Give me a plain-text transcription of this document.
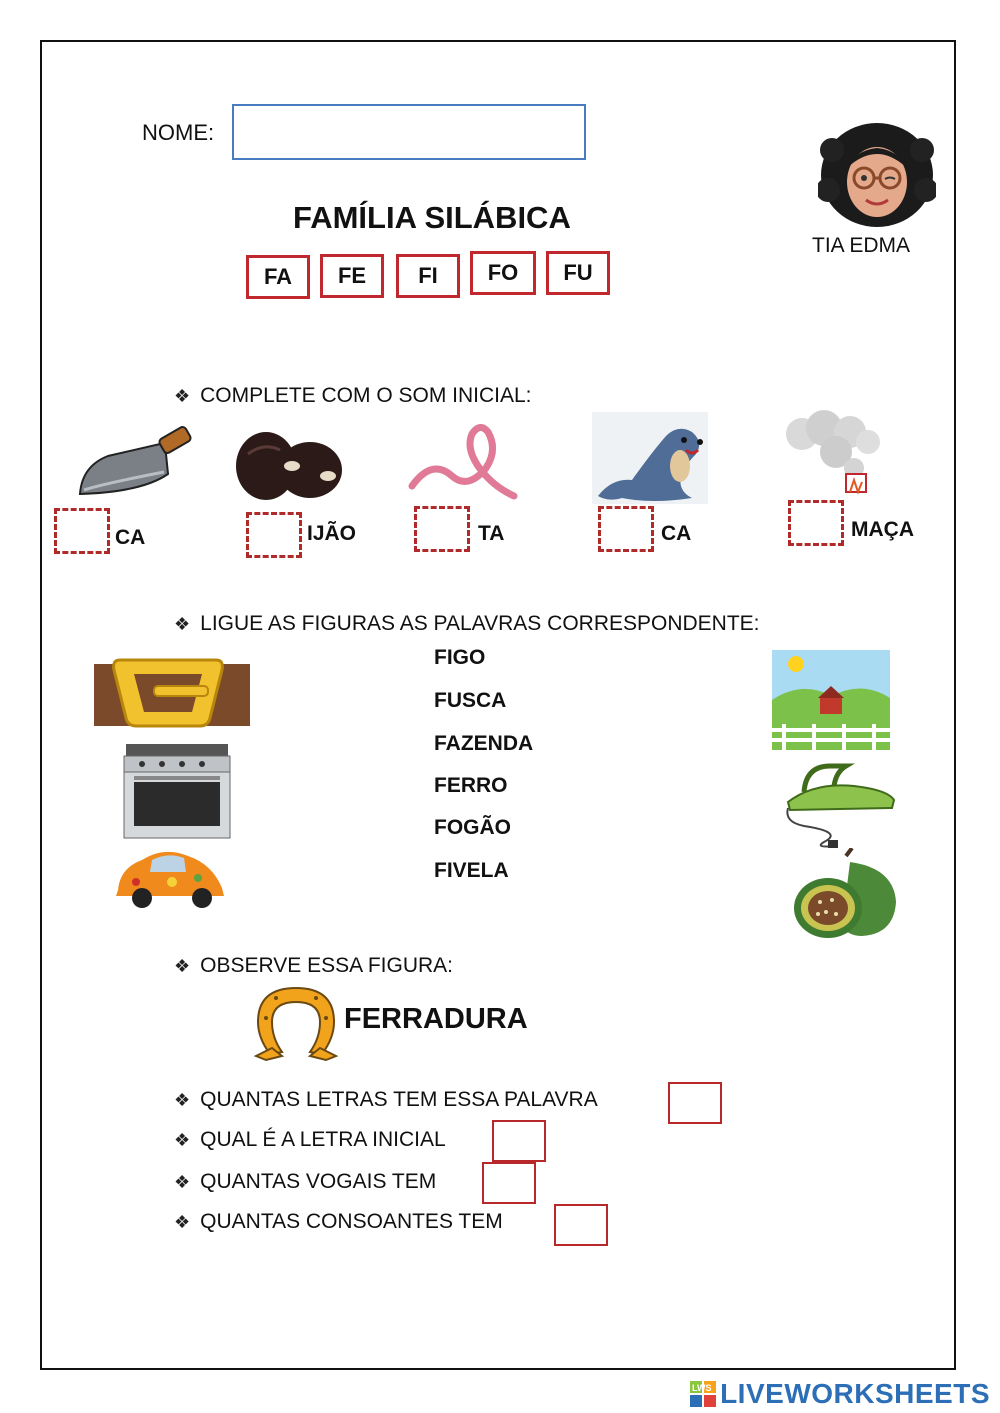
NOME:
FAMÍLIA SILÁBICA
FA	FE	FI	FO	FU
TIA EDMA
❖ COMPLETE COM O SOM INICIAL:
CA	IJÃO	TA	CA	MAÇA
❖ LIGUE AS FIGURAS AS PALAVRAS CORRESPONDENTE:
FIGO
FUSCA
FAZENDA
FERRO
FOGÃO
FIVELA
❖ OBSERVE ESSA FIGURA:
FERRADURA
❖ QUANTAS LETRAS TEM ESSA PALAVRA
❖ QUAL É A LETRA INICIAL
❖ QUANTAS VOGAIS TEM
❖ QUANTAS CONSOANTES TEM
LWS LIVEWORKSHEETS
